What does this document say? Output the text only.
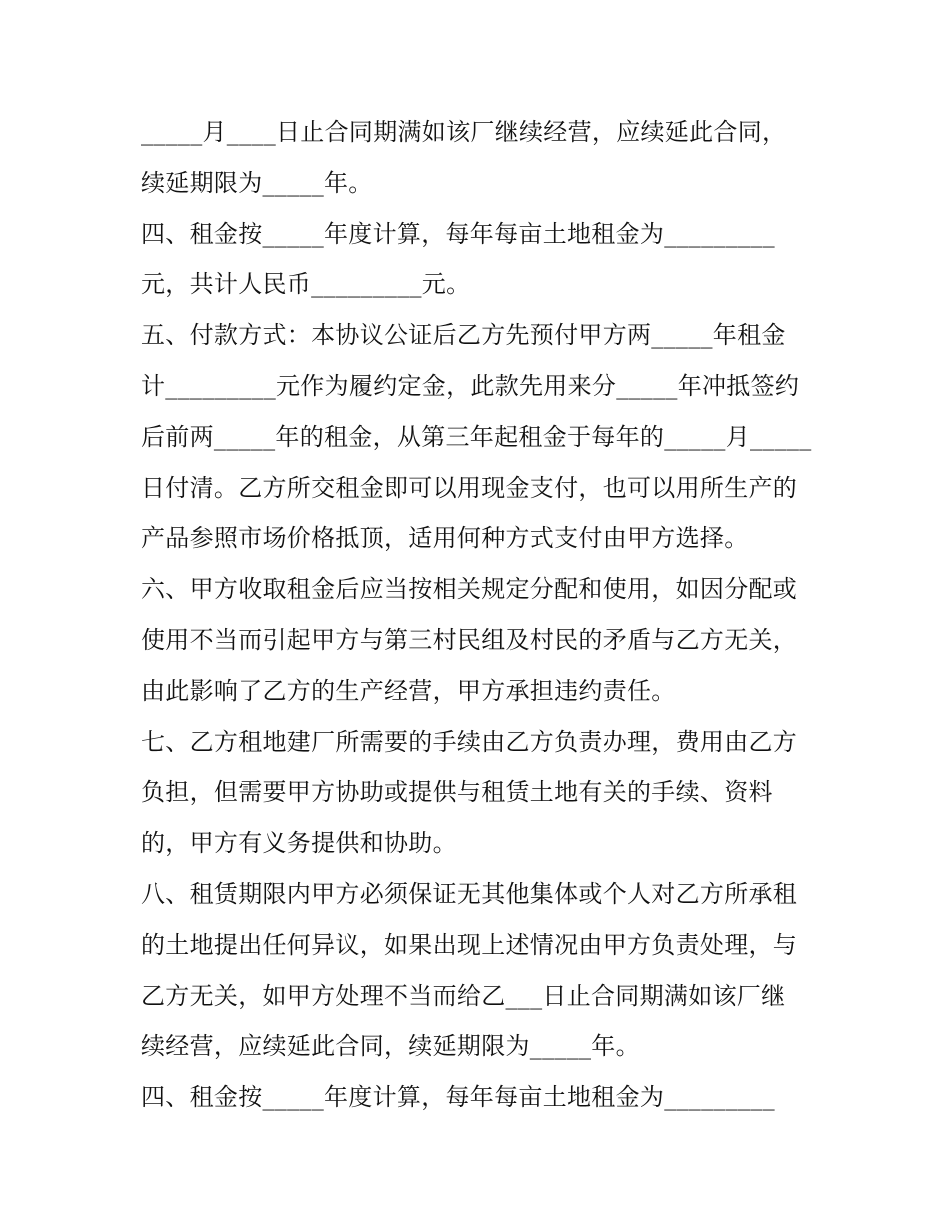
_____月____日止合同期满如该厂继续经营，应续延此合同，
续延期限为_____年。
四、租金按_____年度计算，每年每亩土地租金为_________
元，共计人民币_________元。
五、付款方式：本协议公证后乙方先预付甲方两_____年租金
计_________元作为履约定金，此款先用来分_____年冲抵签约
后前两_____年的租金，从第三年起租金于每年的_____月_____
日付清。乙方所交租金即可以用现金支付，也可以用所生产的
产品参照市场价格抵顶，适用何种方式支付由甲方选择。
六、甲方收取租金后应当按相关规定分配和使用，如因分配或
使用不当而引起甲方与第三村民组及村民的矛盾与乙方无关，
由此影响了乙方的生产经营，甲方承担违约责任。
七、乙方租地建厂所需要的手续由乙方负责办理，费用由乙方
负担，但需要甲方协助或提供与租赁土地有关的手续、资料
的，甲方有义务提供和协助。
八、租赁期限内甲方必须保证无其他集体或个人对乙方所承租
的土地提出任何异议，如果出现上述情况由甲方负责处理，与
乙方无关，如甲方处理不当而给乙___日止合同期满如该厂继
续经营，应续延此合同，续延期限为_____年。
四、租金按_____年度计算，每年每亩土地租金为_________
